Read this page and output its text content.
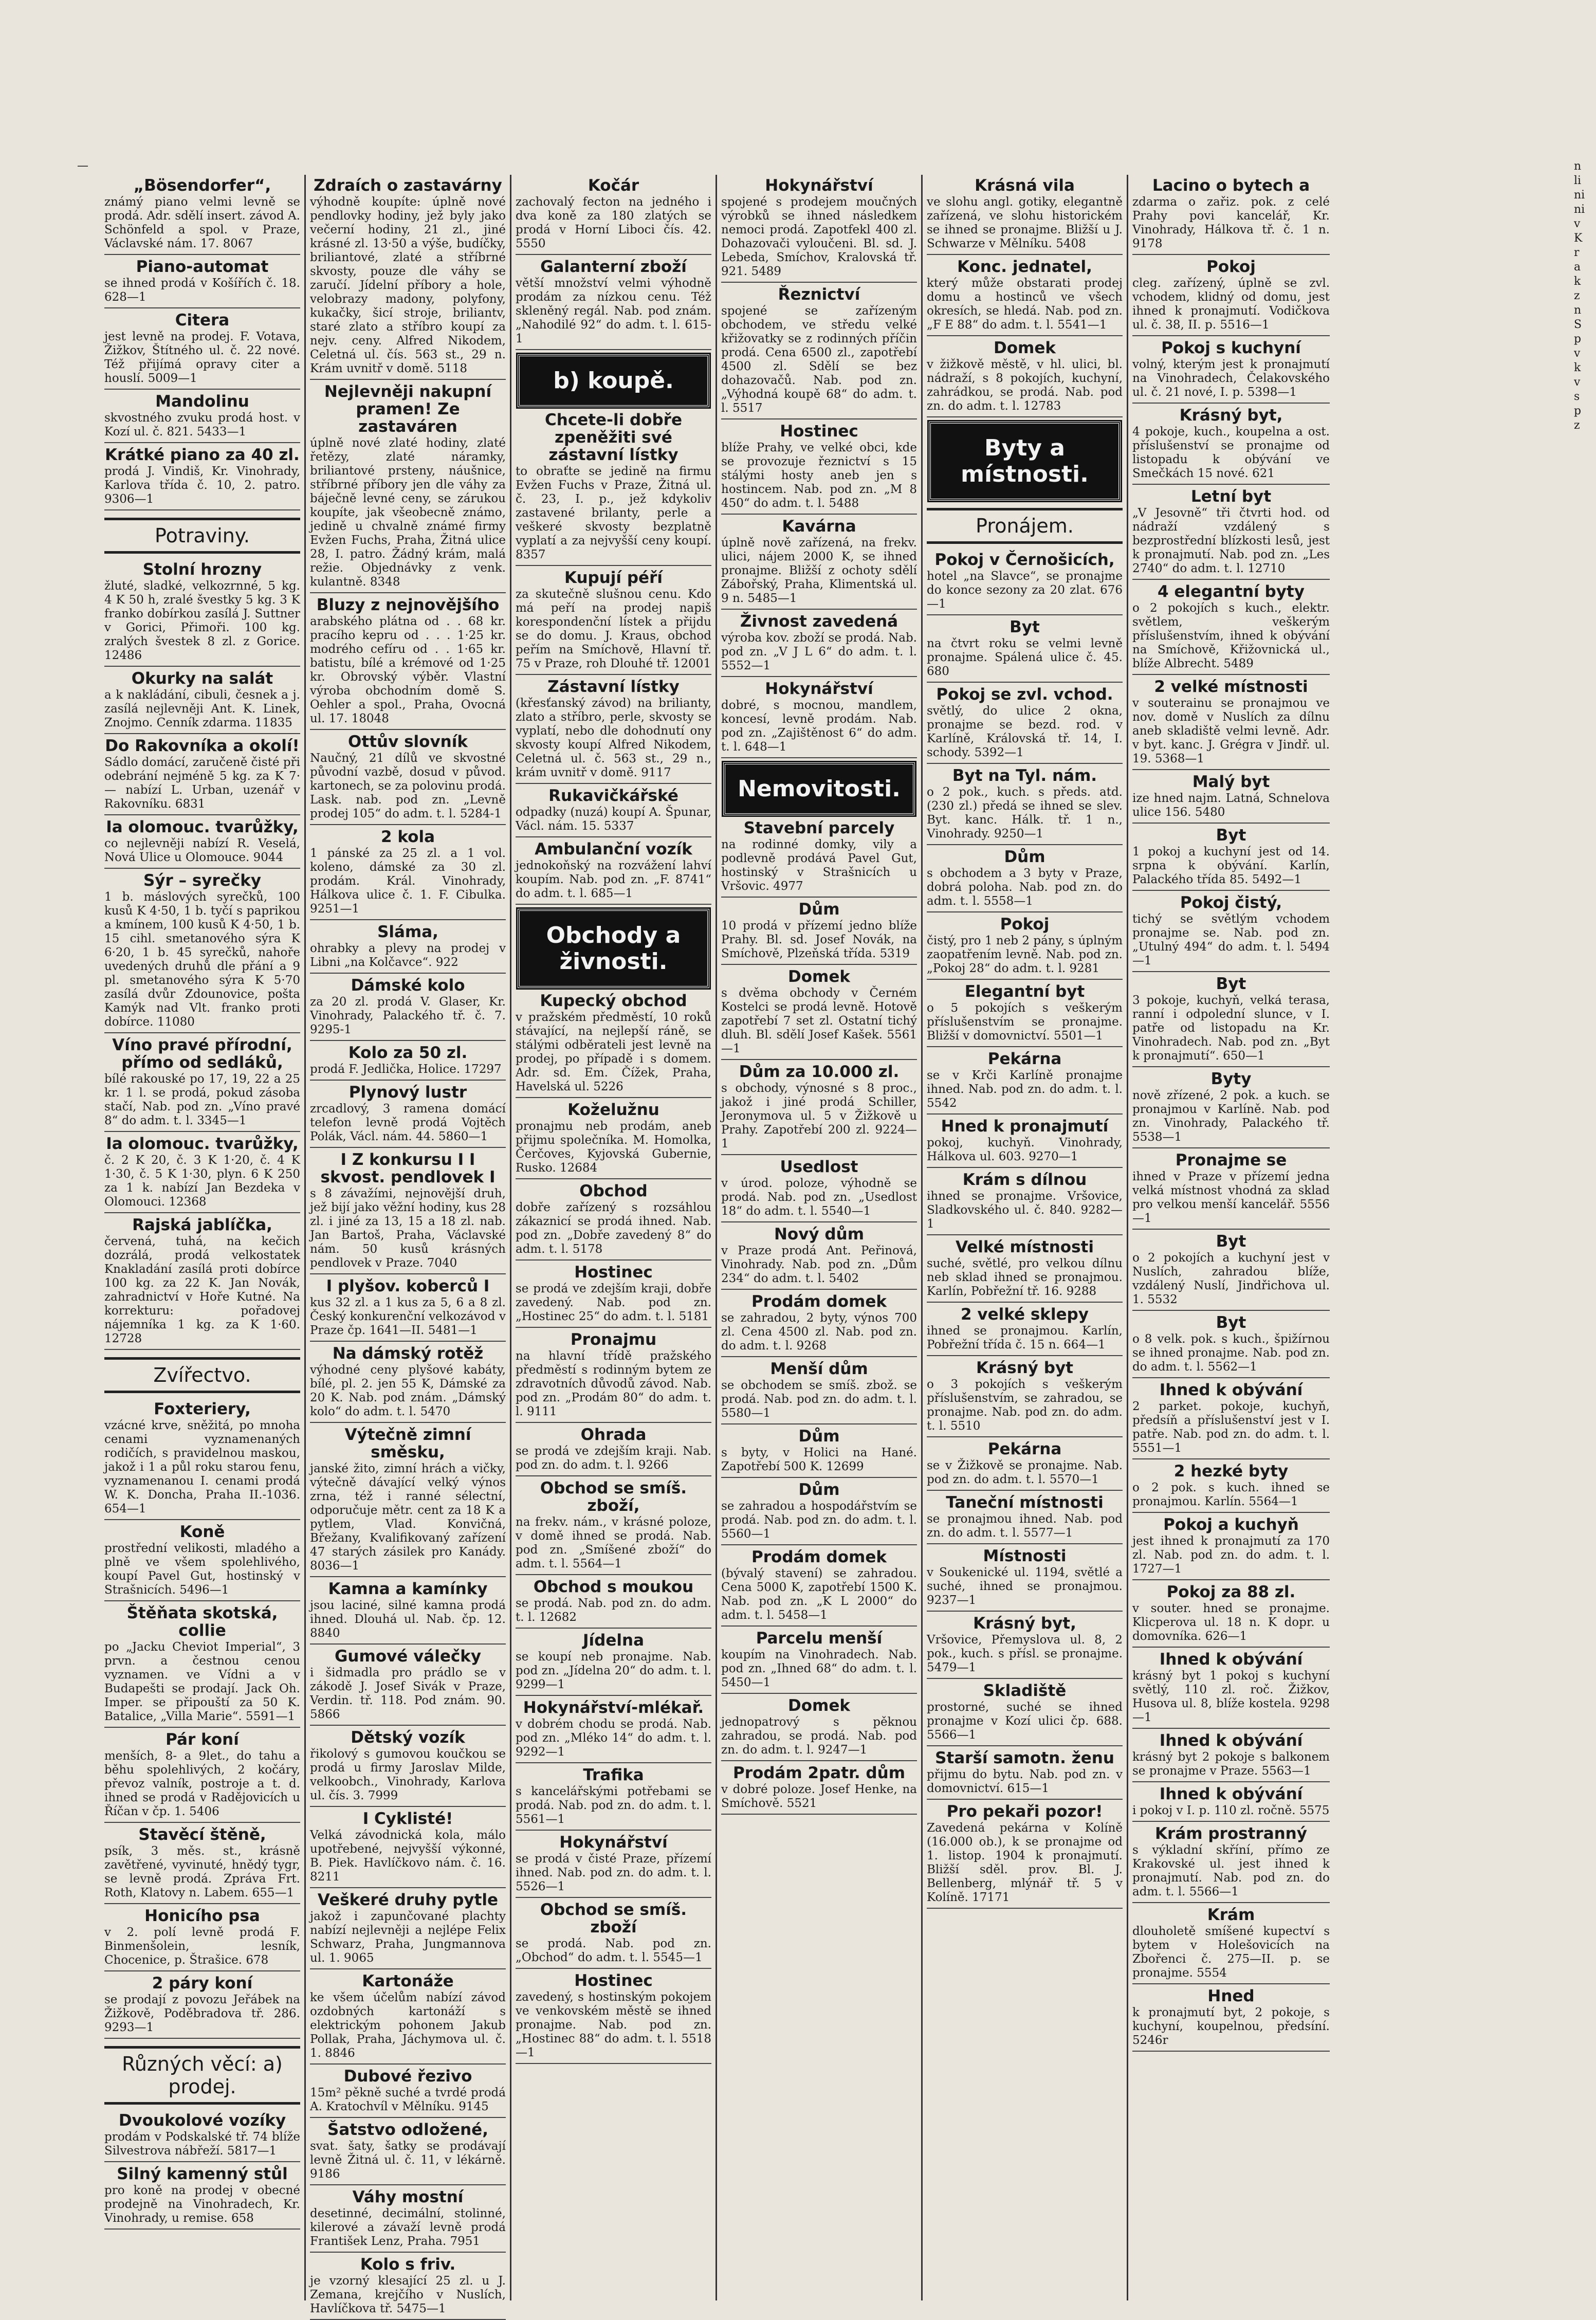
—	n
li
ni
ni
v
K
r
a
k
z
n
S
p
v
k
v
s
p
z
„Bösendorfer“,
známý piano velmi levně se prodá. Adr. sdělí insert. závod A. Schönfeld a spol. v Praze, Václavské nám. 17. 8067
Piano-automat
se ihned prodá v Košířích č. 18. 628—1
Citera
jest levně na prodej. F. Votava, Žižkov, Štítného ul. č. 22 nové. Též přijímá opravy citer a houslí. 5009—1
Mandolinu
skvostného zvuku prodá host. v Kozí ul. č. 821. 5433—1
Krátké piano za 40 zl.
prodá J. Vindiš, Kr. Vinohrady, Karlova třída č. 10, 2. patro. 9306—1
Potraviny.
Stolní hrozny
žluté, sladké, velkozrnné, 5 kg. 4 K 50 h, zralé švestky 5 kg. 3 K franko dobírkou zasílá J. Suttner v Gorici, Přimoři. 100 kg. zralých švestek 8 zl. z Gorice. 12486
Okurky na salát
a k nakládání, cibuli, česnek a j. zasílá nejlevněji Ant. K. Linek, Znojmo. Cenník zdarma. 11835
Do Rakovníka a okolí!
Sádlo domácí, zaručeně čisté při odebrání nejméně 5 kg. za K 7·— nabízí L. Urban, uzenář v Rakovníku. 6831
Ia olomouc. tvarůžky,
co nejlevněji nabízí R. Veselá, Nová Ulice u Olomouce. 9044
Sýr – syrečky
1 b. máslových syrečků, 100 kusů K 4·50, 1 b. tyčí s paprikou a kmínem, 100 kusů K 4·50, 1 b. 15 cihl. smetanového sýra K 6·20, 1 b. 45 syrečků, nahoře uvedených druhů dle přání a 9 pl. smetanového sýra K 5·70 zasílá dvůr Zdounovice, pošta Kamýk nad Vlt. franko proti dobírce. 11080
Víno pravé přírodní, přímo od sedláků,
bílé rakouské po 17, 19, 22 a 25 kr. 1 l. se prodá, pokud zásoba stačí, Nab. pod zn. „Víno pravé 8“ do adm. t. l. 3345—1
Ia olomouc. tvarůžky,
č. 2 K 20, č. 3 K 1·20, č. 4 K 1·30, č. 5 K 1·30, plyn. 6 K 250 za 1 k. nabízí Jan Bezdeka v Olomouci. 12368
Rajská jablíčka,
červená, tuhá, na kečich dozrálá, prodá velkostatek Knakladání zasílá proti dobírce 100 kg. za 22 K. Jan Novák, zahradnictví v Hoře Kutné. Na korrekturu: pořadovej nájemníka 1 kg. za K 1·60. 12728
Zvířectvo.
Foxteriery,
vzácné krve, sněžitá, po mnoha cenami vyznamenaných rodičích, s pravidelnou maskou, jakož i 1 a půl roku starou fenu, vyznamenanou I. cenami prodá W. K. Doncha, Praha II.-1036. 654—1
Koně
prostřední velikosti, mladého a plně ve všem spolehlivého, koupí Pavel Gut, hostinský v Strašnicích. 5496—1
Štěňata skotská, collie
po „Jacku Cheviot Imperial“, 3 prvn. a čestnou cenou vyznamen. ve Vídni a v Budapešti se prodají. Jack Oh. Imper. se připouští za 50 K. Batalice, „Villa Marie“. 5591—1
Pár koní
menších, 8- a 9let., do tahu a běhu spolehlivých, 2 kočáry, převoz valník, postroje a t. d. ihned se prodá v Radějovicích u Říčan v čp. 1. 5406
Stavěcí štěně,
psík, 3 měs. st., krásně zavětřené, vyvinuté, hnědý tygr, se levně prodá. Zpráva Frt. Roth, Klatovy n. Labem. 655—1
Honicího psa
v 2. polí levně prodá F. Binmenšolein, lesník, Chocenice, p. Štrašice. 678
2 páry koní
se prodají z povozu Jeřábek na Žižkově, Poděbradova tř. 286. 9293—1
Různých věcí: a) prodej.
Dvoukolové vozíky
prodám v Podskalské tř. 74 blíže Silvestrova nábřeží. 5817—1
Silný kamenný stůl
pro koně na prodej v obecné prodejně na Vinohradech, Kr. Vinohrady, u remise. 658
Zdraích o zastavárny
výhodně koupíte: úplně nové pendlovky hodiny, jež byly jako večerní hodiny, 21 zl., jiné krásné zl. 13·50 a výše, budíčky, briliantové, zlaté a stříbrné skvosty, pouze dle váhy se zaručí. Jídelní příbory a hole, velobrazy madony, polyfony, kukačky, šicí stroje, briliantv, staré zlato a stříbro koupí za nejv. ceny. Alfred Nikodem, Celetná ul. čís. 563 st., 29 n. Krám uvnitř v domě. 5118
Nejlevněji nakupní pramen! Ze zastaváren
úplně nové zlaté hodiny, zlaté řetězy, zlaté náramky, briliantové prsteny, náušnice, stříbrné příbory jen dle váhy za báječně levné ceny, se zárukou koupíte, jak všeobecně známo, jedině u chvalně známé firmy Evžen Fuchs, Praha, Žitná ulice 28, I. patro. Žádný krám, malá režie. Objednávky z venk. kulantně. 8348
Bluzy z nejnovějšího
arabského plátna od . . 68 kr. pracího kepru od . . . 1·25 kr. modrého cefíru od . . 1·65 kr. batistu, bílé a krémové od 1·25 kr. Obrovský výběr. Vlastní výroba obchodním domě S. Oehler a spol., Praha, Ovocná ul. 17. 18048
Ottův slovník
Naučný, 21 dílů ve skvostné původní vazbě, dosud v původ. kartonech, se za polovinu prodá. Lask. nab. pod zn. „Levně prodej 105“ do adm. t. l. 5284-1
2 kola
1 pánské za 25 zl. a 1 vol. koleno, dámské za 30 zl. prodám. Král. Vinohrady, Hálkova ulice č. 1. F. Cibulka. 9251—1
Sláma,
ohrabky a plevy na prodej v Libni „na Kolčavce“. 922
Dámské kolo
za 20 zl. prodá V. Glaser, Kr. Vinohrady, Palackého tř. č. 7. 9295-1
Kolo za 50 zl.
prodá F. Jedlička, Holice. 17297
Plynový lustr
zrcadlový, 3 ramena domácí telefon levně prodá Vojtěch Polák, Václ. nám. 44. 5860—1
I Z konkursu I I skvost. pendlovek I
s 8 závažími, nejnovější druh, jež bijí jako věžní hodiny, kus 28 zl. i jiné za 13, 15 a 18 zl. nab. Jan Bartoš, Praha, Václavské nám. 50 kusů krásných pendlovek v Praze. 7040
I plyšov. koberců I
kus 32 zl. a 1 kus za 5, 6 a 8 zl. Český konkurenční velkozávod v Praze čp. 1641—II. 5481—1
Na dámský rotěž
výhodné ceny plyšové kabáty, bílé, pl. 2. jen 55 K, Dámské za 20 K. Nab. pod znám. „Dámský kolo“ do adm. t. l. 5470
Výtečně zimní směsku,
janské žito, zimní hrách a vičky, výtečně dávající velký výnos zrna, též i ranné sélectní, odporučuje mětr. cent za 18 K a pytlem, Vlad. Konvičná, Břežany, Kvalifikovaný zařízení 47 starých zásilek pro Kanády. 8036—1
Kamna a kamínky
jsou laciné, silné kamna prodá ihned. Dlouhá ul. Nab. čp. 12. 8840
Gumové válečky
i šidmadla pro prádlo se v zákodě J. Josef Sivák v Praze, Verdin. tř. 118. Pod znám. 90. 5866
Dětský vozík
řikolový s gumovou koučkou se prodá u firmy Jaroslav Milde, velkoobch., Vinohrady, Karlova ul. čís. 3. 7999
I Cyklisté!
Velká závodnická kola, málo upotřebené, nejvyšší výkonné, B. Piek. Havlíčkovo nám. č. 16. 8211
Veškeré druhy pytle
jakož i zapunčované plachty nabízí nejlevněji a nejlépe Felix Schwarz, Praha, Jungmannova ul. 1. 9065
Kartonáže
ke všem účelům nabízí závod ozdobných kartonáží s elektrickým pohonem Jakub Pollak, Praha, Jáchymova ul. č. 1. 8846
Dubové řezivo
15m² pěkně suché a tvrdé prodá A. Kratochvíl v Mělníku. 9145
Šatstvo odložené,
svat. šaty, šatky se prodávají levně Žitná ul. č. 11, v lékárně. 9186
Váhy mostní
desetinné, decimální, stolinné, kilerové a závaží levně prodá František Lenz, Praha. 7951
Kolo s friv.
je vzorný klesající 25 zl. u J. Zemana, krejčího v Nuslích, Havlíčkova tř. 5475—1
Kočár
zachovalý fecton na jedného i dva koně za 180 zlatých se prodá v Horní Liboci čís. 42. 5550
Galanterní zboží
větší množství velmi výhodně prodám za nízkou cenu. Též skleněný regál. Nab. pod znám. „Nahodilé 92“ do adm. t. l. 615-1
b) koupě.
Chcete-li dobře zpeněžiti své zástavní lístky
to obraťte se jedině na firmu Evžen Fuchs v Praze, Žitná ul. č. 23, I. p., jež kdykoliv zastavené brilanty, perle a veškeré skvosty bezplatně vyplatí a za nejvyšší ceny koupí. 8357
Kupují péří
za skutečně slušnou cenu. Kdo má peří na prodej napiš korespondenční lístek a přijdu se do domu. J. Kraus, obchod peřím na Smíchově, Hlavní tř. 75 v Praze, roh Dlouhé tř. 12001
Zástavní lístky
(křesťanský závod) na brilianty, zlato a stříbro, perle, skvosty se vyplatí, nebo dle dohodnutí ony skvosty koupí Alfred Nikodem, Celetná ul. č. 563 st., 29 n., krám uvnitř v domě. 9117
Rukavičkářské
odpadky (nuzá) koupí A. Špunar, Václ. nám. 15. 5337
Ambulanční vozík
jednokoňský na rozvážení lahví koupím. Nab. pod zn. „F. 8741“ do adm. t. l. 685—1
Obchody a živnosti.
Kupecký obchod
v pražském předměstí, 10 roků stávající, na nejlepší ráně, se stálými odběrateli jest levně na prodej, po případě i s domem. Adr. sd. Em. Čížek, Praha, Havelská ul. 5226
Koželužnu
pronajmu neb prodám, aneb přijmu společníka. M. Homolka, Čerčoves, Kyjovská Gubernie, Rusko. 12684
Obchod
dobře zařízený s rozsáhlou zákaznicí se prodá ihned. Nab. pod zn. „Dobře zavedený 8“ do adm. t. l. 5178
Hostinec
se prodá ve zdejším kraji, dobře zavedený. Nab. pod zn. „Hostinec 25“ do adm. t. l. 5181
Pronajmu
na hlavní třídě pražského předměstí s rodinným bytem ze zdravotních důvodů závod. Nab. pod zn. „Prodám 80“ do adm. t. l. 9111
Ohrada
se prodá ve zdejším kraji. Nab. pod zn. do adm. t. l. 9266
Obchod se smíš. zboží,
na frekv. nám., v krásné poloze, v domě ihned se prodá. Nab. pod zn. „Smíšené zboží“ do adm. t. l. 5564—1
Obchod s moukou
se prodá. Nab. pod zn. do adm. t. l. 12682
Jídelna
se koupí neb pronajme. Nab. pod zn. „Jídelna 20“ do adm. t. l. 9299—1
Hokynářství-mlékař.
v dobrém chodu se prodá. Nab. pod zn. „Mléko 14“ do adm. t. l. 9292—1
Trafika
s kancelářskými potřebami se prodá. Nab. pod zn. do adm. t. l. 5561—1
Hokynářství
se prodá v čisté Praze, přízemí ihned. Nab. pod zn. do adm. t. l. 5526—1
Obchod se smíš. zboží
se prodá. Nab. pod zn. „Obchod“ do adm. t. l. 5545—1
Hostinec
zavedený, s hostinským pokojem ve venkovském městě se ihned pronajme. Nab. pod zn. „Hostinec 88“ do adm. t. l. 5518—1
Hokynářství
spojené s prodejem moučných výrobků se ihned následkem nemoci prodá. Zapotfekl 400 zl. Dohazovači vyloučeni. Bl. sd. J. Lebeda, Smíchov, Kralovská tř. 921. 5489
Řeznictví
spojené se zařízeným obchodem, ve středu velké křižovatky se z rodinných příčin prodá. Cena 6500 zl., zapotřebí 4500 zl. Sdělí se bez dohazovačů. Nab. pod zn. „Výhodná koupě 68“ do adm. t. l. 5517
Hostinec
blíže Prahy, ve velké obci, kde se provozuje řeznictví s 15 stálými hosty aneb jen s hostincem. Nab. pod zn. „M 8 450“ do adm. t. l. 5488
Kavárna
úplně nově zařízená, na frekv. ulici, nájem 2000 K, se ihned pronajme. Bližší z ochoty sdělí Zábořský, Praha, Klimentská ul. 9 n. 5485—1
Živnost zavedená
výroba kov. zboží se prodá. Nab. pod zn. „V J L 6“ do adm. t. l. 5552—1
Hokynářství
dobré, s mocnou, mandlem, koncesí, levně prodám. Nab. pod zn. „Zajištěnost 6“ do adm. t. l. 648—1
Nemovitosti.
Stavební parcely
na rodinné domky, vily a podlevně prodává Pavel Gut, hostinský v Strašnicích u Vršovic. 4977
Dům
10 prodá v přízemí jedno blíže Prahy. Bl. sd. Josef Novák, na Smíchově, Plzeňská třída. 5319
Domek
s dvěma obchody v Černém Kostelci se prodá levně. Hotově zapotřebí 7 set zl. Ostatní tichý dluh. Bl. sdělí Josef Kašek. 5561—1
Dům za 10.000 zl.
s obchody, výnosné s 8 proc., jakož i jiné prodá Schiller, Jeronymova ul. 5 v Žižkově u Prahy. Zapotřebí 200 zl. 9224—1
Usedlost
v úrod. poloze, výhodně se prodá. Nab. pod zn. „Usedlost 18“ do adm. t. l. 5540—1
Nový dům
v Praze prodá Ant. Peřinová, Vinohrady. Nab. pod zn. „Dům 234“ do adm. t. l. 5402
Prodám domek
se zahradou, 2 byty, výnos 700 zl. Cena 4500 zl. Nab. pod zn. do adm. t. l. 9268
Menší dům
se obchodem se smíš. zbož. se prodá. Nab. pod zn. do adm. t. l. 5580—1
Dům
s byty, v Holici na Hané. Zapotřebí 500 K. 12699
Dům
se zahradou a hospodářstvím se prodá. Nab. pod zn. do adm. t. l. 5560—1
Prodám domek
(bývalý stavení) se zahradou. Cena 5000 K, zapotřebí 1500 K. Nab. pod zn. „K L 2000“ do adm. t. l. 5458—1
Parcelu menší
koupím na Vinohradech. Nab. pod zn. „Ihned 68“ do adm. t. l. 5450—1
Domek
jednopatrový s pěknou zahradou, se prodá. Nab. pod zn. do adm. t. l. 9247—1
Prodám 2patr. dům
v dobré poloze. Josef Henke, na Smíchově. 5521
Krásná vila
ve slohu angl. gotiky, elegantně zařízená, ve slohu historickém se ihned se pronajme. Bližší u J. Schwarze v Mělníku. 5408
Konc. jednatel,
který může obstarati prodej domu a hostinců ve všech okresích, se hledá. Nab. pod zn. „F E 88“ do adm. t. l. 5541—1
Domek
v žižkově městě, v hl. ulici, bl. nádraží, s 8 pokojích, kuchyní, zahrádkou, se prodá. Nab. pod zn. do adm. t. l. 12783
Byty a místnosti.
Pronájem.
Pokoj v Černošicích,
hotel „na Slavce“, se pronajme do konce sezony za 20 zlat. 676—1
Byt
na čtvrt roku se velmi levně pronajme. Spálená ulice č. 45. 680
Pokoj se zvl. vchod.
světlý, do ulice 2 okna, pronajme se bezd. rod. v Karlíně, Královská tř. 14, I. schody. 5392—1
Byt na Tyl. nám.
o 2 pok., kuch. s předs. atd. (230 zl.) předá se ihned se slev. Byt. kanc. Hálk. tř. 1 n., Vinohrady. 9250—1
Dům
s obchodem a 3 byty v Praze, dobrá poloha. Nab. pod zn. do adm. t. l. 5558—1
Pokoj
čistý, pro 1 neb 2 pány, s úplným zaopatřením levně. Nab. pod zn. „Pokoj 28“ do adm. t. l. 9281
Elegantní byt
o 5 pokojích s veškerým příslušenstvím se pronajme. Bližší v domovnictví. 5501—1
Pekárna
se v Krči Karlíně pronajme ihned. Nab. pod zn. do adm. t. l. 5542
Hned k pronajmutí
pokoj, kuchyň. Vinohrady, Hálkova ul. 603. 9270—1
Krám s dílnou
ihned se pronajme. Vršovice, Sladkovského ul. č. 840. 9282—1
Velké místnosti
suché, světlé, pro velkou dílnu neb sklad ihned se pronajmou. Karlín, Pobřežní tř. 16. 9288
2 velké sklepy
ihned se pronajmou. Karlín, Pobřežní třída č. 15 n. 664—1
Krásný byt
o 3 pokojích s veškerým příslušenstvím, se zahradou, se pronajme. Nab. pod zn. do adm. t. l. 5510
Pekárna
se v Žižkově se pronajme. Nab. pod zn. do adm. t. l. 5570—1
Taneční místnosti
se pronajmou ihned. Nab. pod zn. do adm. t. l. 5577—1
Místnosti
v Soukenické ul. 1194, světlé a suché, ihned se pronajmou. 9237—1
Krásný byt,
Vršovice, Přemyslova ul. 8, 2 pok., kuch. s přísl. se pronajme. 5479—1
Skladiště
prostorné, suché se ihned pronajme v Kozí ulici čp. 688. 5566—1
Starší samotn. ženu
přijmu do bytu. Nab. pod zn. v domovnictví. 615—1
Pro pekaři pozor!
Zavedená pekárna v Kolíně (16.000 ob.), k se pronajme od 1. listop. 1904 k pronajmutí. Bližší sděl. prov. Bl. J. Bellenberg, mlýnář tř. 5 v Kolíně. 17171
Lacino o bytech a
zdarma o zařiz. pok. z celé Prahy povi kancelář, Kr. Vinohrady, Hálkova tř. č. 1 n. 9178
Pokoj
cleg. zařízený, úplně se zvl. vchodem, klidný od domu, jest ihned k pronajmutí. Vodičkova ul. č. 38, II. p. 5516—1
Pokoj s kuchyní
volný, kterým jest k pronajmutí na Vinohradech, Čelakovského ul. č. 21 nové, I. p. 5398—1
Krásný byt,
4 pokoje, kuch., koupelna a ost. příslušenství se pronajme od listopadu k obývání ve Smečkách 15 nové. 621
Letní byt
„V Jesovně“ tři čtvrti hod. od nádraží vzdálený s bezprostřední blízkosti lesů, jest k pronajmutí. Nab. pod zn. „Les 2740“ do adm. t. l. 12710
4 elegantní byty
o 2 pokojích s kuch., elektr. světlem, veškerým příslušenstvím, ihned k obývání na Smíchově, Křižovnická ul., blíže Albrecht. 5489
2 velké místnosti
v souterainu se pronajmou ve nov. domě v Nuslích za dílnu aneb skladiště velmi levně. Adr. v byt. kanc. J. Grégra v Jindř. ul. 19. 5368—1
Malý byt
ize hned najm. Latná, Schnelova ulice 156. 5480
Byt
1 pokoj a kuchyní jest od 14. srpna k obývání. Karlín, Palackého třída 85. 5492—1
Pokoj čistý,
tichý se světlým vchodem pronajme se. Nab. pod zn. „Utulný 494“ do adm. t. l. 5494—1
Byt
3 pokoje, kuchyň, velká terasa, ranní i odpolední slunce, v I. patře od listopadu na Kr. Vinohradech. Nab. pod zn. „Byt k pronajmutí“. 650—1
Byty
nově zřízené, 2 pok. a kuch. se pronajmou v Karlíně. Nab. pod zn. Vinohrady, Palackého tř. 5538—1
Pronajme se
ihned v Praze v přízemí jedna velká místnost vhodná za sklad pro velkou menší kancelář. 5556—1
Byt
o 2 pokojích a kuchyní jest v Nuslích, zahradou blíže, vzdálený Nuslí, Jindřichova ul. 1. 5532
Byt
o 8 velk. pok. s kuch., špižírnou se ihned pronajme. Nab. pod zn. do adm. t. l. 5562—1
Ihned k obývání
2 parket. pokoje, kuchyň, předsíň a příslušenství jest v I. patře. Nab. pod zn. do adm. t. l. 5551—1
2 hezké byty
o 2 pok. s kuch. ihned se pronajmou. Karlín. 5564—1
Pokoj a kuchyň
jest ihned k pronajmutí za 170 zl. Nab. pod zn. do adm. t. l. 1727—1
Pokoj za 88 zl.
v souter. hned se pronajme. Klicperova ul. 18 n. K dopr. u domovníka. 626—1
Ihned k obývání
krásný byt 1 pokoj s kuchyní světlý, 110 zl. roč. Žižkov, Husova ul. 8, blíže kostela. 9298—1
Ihned k obývání
krásný byt 2 pokoje s balkonem se pronajme v Praze. 5563—1
Ihned k obývání
i pokoj v I. p. 110 zl. ročně. 5575
Krám prostranný
s výkladní skříní, přímo ze Krakovské ul. jest ihned k pronajmutí. Nab. pod zn. do adm. t. l. 5566—1
Krám
dlouholetě smíšené kupectví s bytem v Holešovicích na Zbořenci č. 275—II. p. se pronajme. 5554
Hned
k pronajmutí byt, 2 pokoje, s kuchyní, koupelnou, předsíní. 5246r
